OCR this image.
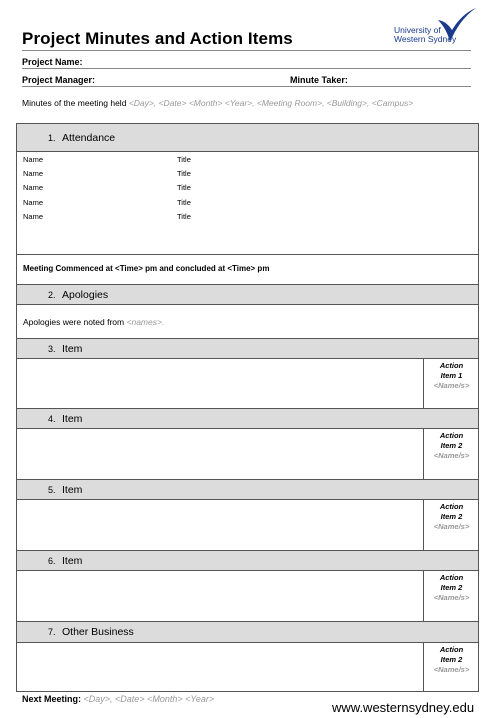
Project Minutes and Action Items	University of
Western Sydney
Project Name:
Project Manager:	Minute Taker:
Minutes of the meeting held <Day>, <Date> <Month> <Year>, <Meeting Room>, <Building>, <Campus>
1. Attendance
Name	Title
Name	Title
Name	Title
Name	Title
Name	Title
Meeting Commenced at <Time> pm and concluded at <Time> pm
2. Apologies
Apologies were noted from <names>.
3. Item
Action
Item 1
<Name/s>
4. Item
Action
Item 2
<Name/s>
5. Item
Action
Item 2
<Name/s>
6. Item
Action
Item 2
<Name/s>
7. Other Business
Action
Item 2
<Name/s>
Next Meeting: <Day>, <Date> <Month> <Year>
www.westernsydney.edu
